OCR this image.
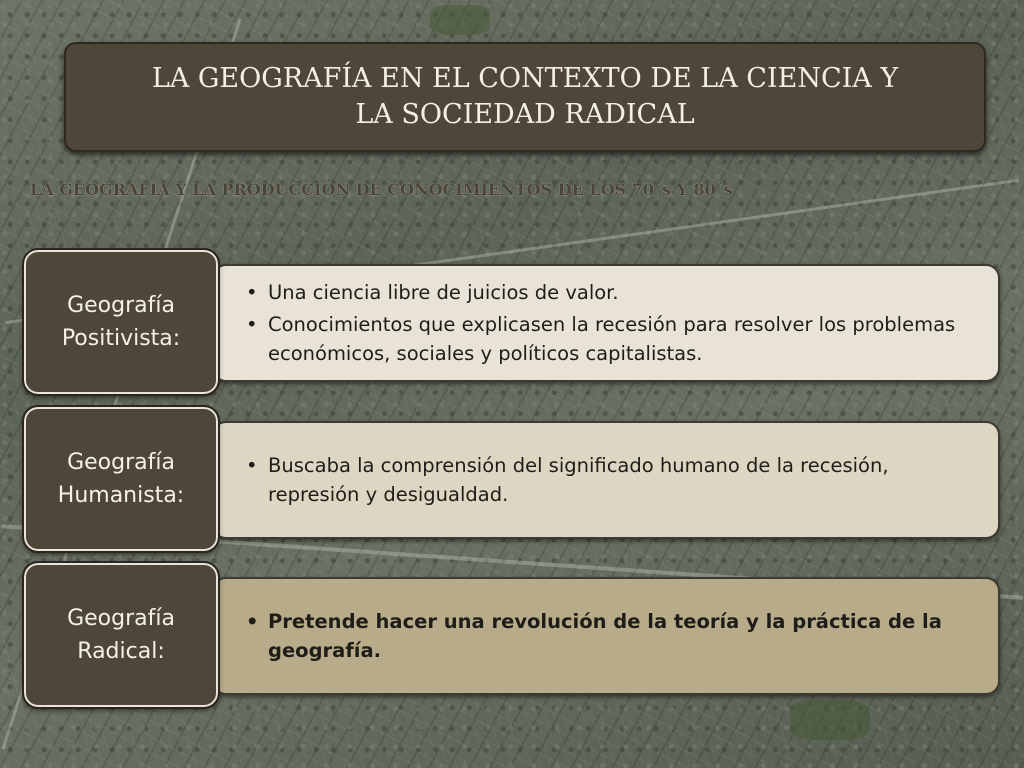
LA GEOGRAFÍA EN EL CONTEXTO DE LA CIENCIA Y LA SOCIEDAD RADICAL
LA GEOGRAFÍA Y LA PRODUCCIÓN DE CONOCIMIENTOS DE LOS 70´s Y 80´s
• Una ciencia libre de juicios de valor.
• Conocimientos que explicasen la recesión para resolver los problemas económicos, sociales y políticos capitalistas.
Geografía
Positivista:
• Buscaba la comprensión del significado humano de la recesión, represión y desigualdad.
Geografía
Humanista:
• Pretende hacer una revolución de la teoría y la práctica de la geografía.
Geografía
Radical:
